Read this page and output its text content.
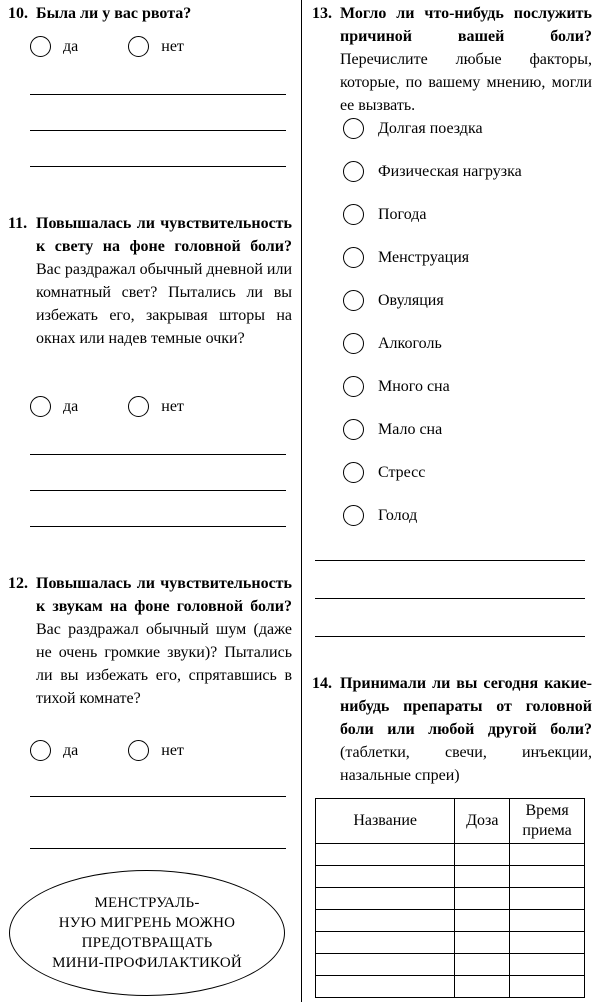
10. Была ли у вас рвота?
да	нет
11. Повышалась ли чувствительность к свету на фоне головной боли? Вас раздражал обычный дневной или комнатный свет? Пытались ли вы избежать его, закрывая шторы на окнах или надев темные очки?
да	нет
12. Повышалась ли чувствительность к звукам на фоне головной боли? Вас раздражал обычный шум (даже не очень громкие звуки)? Пытались ли вы избежать его, спрятавшись в тихой комнате?
да	нет
МЕНСТРУАЛЬ-
НУЮ МИГРЕНЬ МОЖНО
ПРЕДОТВРАЩАТЬ
МИНИ-ПРОФИЛАКТИКОЙ
13. Могло ли что-нибудь послужить причиной вашей боли? Перечислите любые факторы, которые, по вашему мнению, могли ее вызвать.
Долгая поездка
Физическая нагрузка
Погода
Менструация
Овуляция
Алкоголь
Много сна
Мало сна
Стресс
Голод
14. Принимали ли вы сегодня какие-нибудь препараты от головной боли или любой другой боли? (таблетки, свечи, инъекции, назальные спреи)
Название	Доза	Время приема
